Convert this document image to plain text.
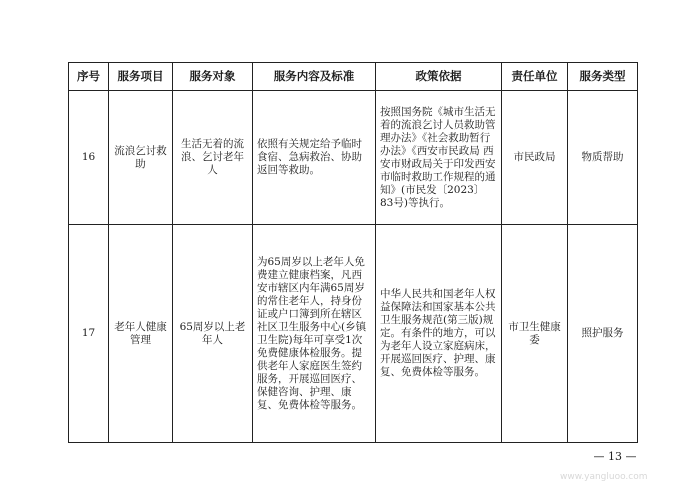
序号	服务项目	服务对象	服务内容及标准	政策依据	责任单位	服务类型
16	流浪乞讨救助	生活无着的流浪、乞讨老年人	依照有关规定给予临时食宿、急病救治、协助返回等救助。	按照国务院《城市生活无着的流浪乞讨人员救助管理办法》《社会救助暂行办法》《西安市民政局 西安市财政局关于印发西安市临时救助工作规程的通知》(市民发〔2023〕83号)等执行。	市民政局	物质帮助
17	老年人健康管理	65周岁以上老年人	为65周岁以上老年人免费建立健康档案，凡西安市辖区内年满65周岁的常住老年人，持身份证或户口簿到所在辖区社区卫生服务中心(乡镇卫生院)每年可享受1次免费健康体检服务。提供老年人家庭医生签约服务，开展巡回医疗、保健咨询、护理、康复、免费体检等服务。	中华人民共和国老年人权益保障法和国家基本公共卫生服务规范(第三版)规定。有条件的地方，可以为老年人设立家庭病床，开展巡回医疗、护理、康复、免费体检等服务。	市卫生健康委	照护服务
— 13 —
www.yangluoo.com
